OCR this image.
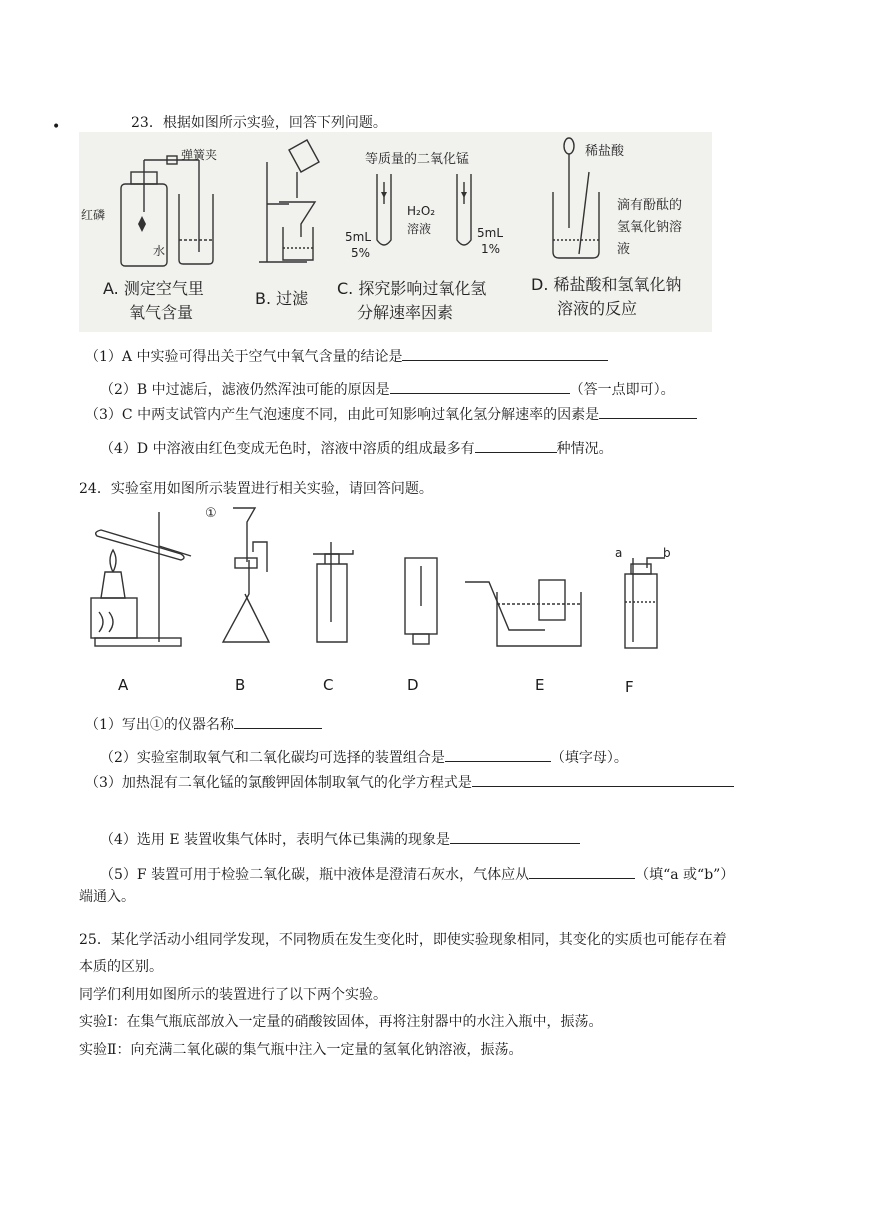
•	23．根据如图所示实验，回答下列问题。
弹簧夹
红磷
水
A. 测定空气里
氧气含量
B. 过滤
等质量的二氧化锰
H₂O₂
溶液
5mL
5%
5mL
1%
C. 探究影响过氧化氢
分解速率因素
稀盐酸
滴有酚酞的
氢氧化钠溶
液
D. 稀盐酸和氢氧化钠
溶液的反应
（1）A 中实验可得出关于空气中氧气含量的结论是
（2）B 中过滤后，滤液仍然浑浊可能的原因是	（答一点即可）。
（3）C 中两支试管内产生气泡速度不同，由此可知影响过氧化氢分解速率的因素是
（4）D 中溶液由红色变成无色时，溶液中溶质的组成最多有	种情况。
24．实验室用如图所示装置进行相关实验，请回答问题。
①
A	B	C	D	E	F
a	b
（1）写出①的仪器名称
（2）实验室制取氧气和二氧化碳均可选择的装置组合是	（填字母）。
（3）加热混有二氧化锰的氯酸钾固体制取氧气的化学方程式是
（4）选用 E 装置收集气体时，表明气体已集满的现象是
（5）F 装置可用于检验二氧化碳，瓶中液体是澄清石灰水，气体应从	（填“a 或“b”）
端通入。
25．某化学活动小组同学发现，不同物质在发生变化时，即使实验现象相同，其变化的实质也可能存在着
本质的区别。
同学们利用如图所示的装置进行了以下两个实验。
实验Ⅰ：在集气瓶底部放入一定量的硝酸铵固体，再将注射器中的水注入瓶中，振荡。
实验Ⅱ：向充满二氧化碳的集气瓶中注入一定量的氢氧化钠溶液，振荡。
